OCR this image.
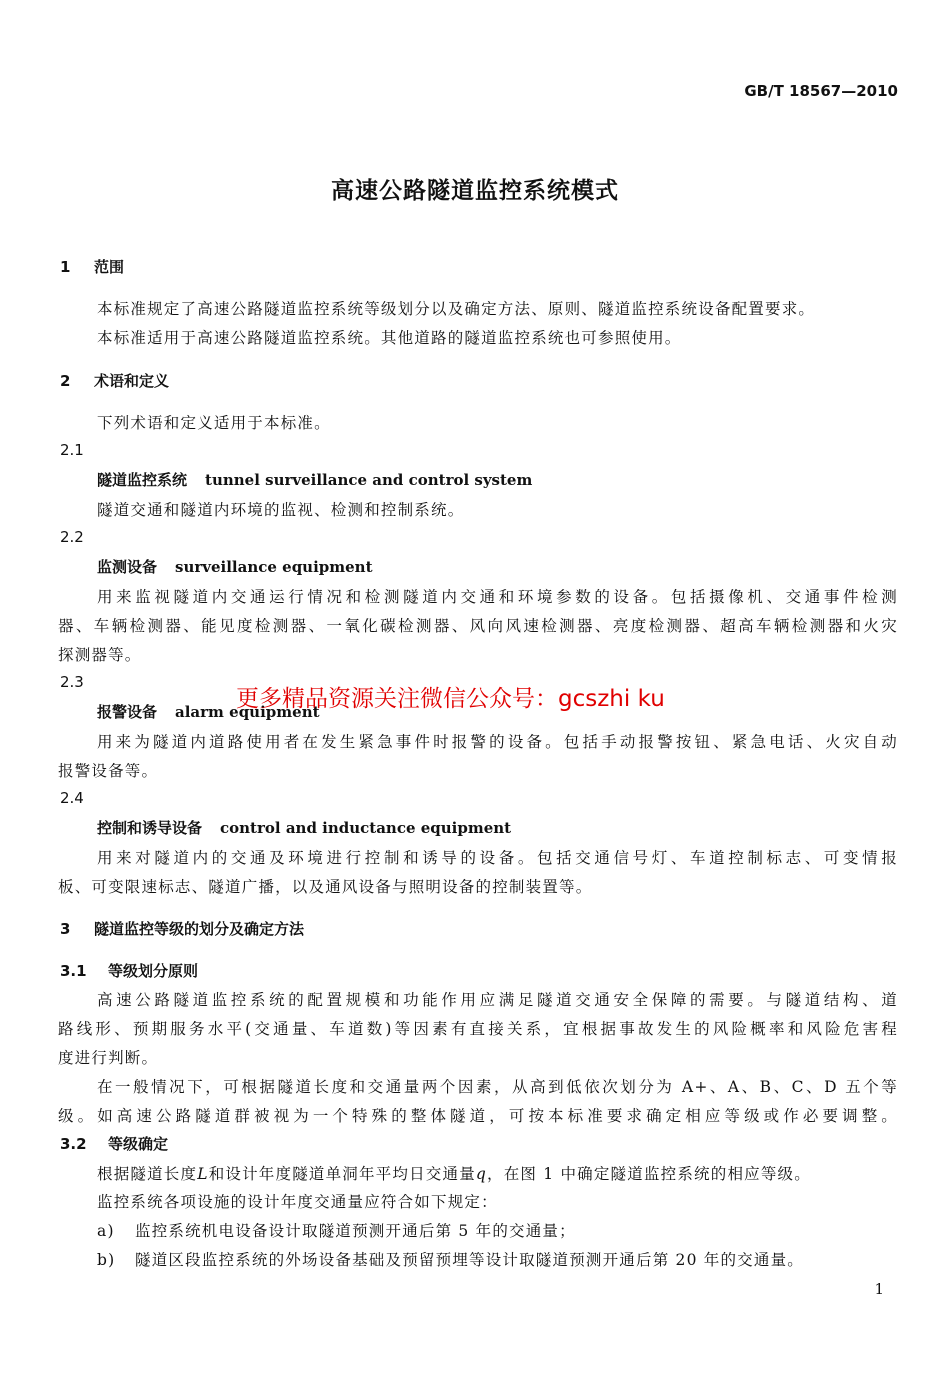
GB/T 18567—2010
高速公路隧道监控系统模式
1 范围
本标准规定了高速公路隧道监控系统等级划分以及确定方法、原则、隧道监控系统设备配置要求。
本标准适用于高速公路隧道监控系统。其他道路的隧道监控系统也可参照使用。
2 术语和定义
下列术语和定义适用于本标准。
2.1
隧道监控系统 tunnel surveillance and control system
隧道交通和隧道内环境的监视、检测和控制系统。
2.2
监测设备 surveillance equipment
用来监视隧道内交通运行情况和检测隧道内交通和环境参数的设备。包括摄像机、交通事件检测
器、车辆检测器、能见度检测器、一氧化碳检测器、风向风速检测器、亮度检测器、超高车辆检测器和火灾
探测器等。
2.3
报警设备 alarm equipment
用来为隧道内道路使用者在发生紧急事件时报警的设备。包括手动报警按钮、紧急电话、火灾自动
报警设备等。
2.4
控制和诱导设备 control and inductance equipment
用来对隧道内的交通及环境进行控制和诱导的设备。包括交通信号灯、车道控制标志、可变情报
板、可变限速标志、隧道广播，以及通风设备与照明设备的控制装置等。
3 隧道监控等级的划分及确定方法
3.1 等级划分原则
高速公路隧道监控系统的配置规模和功能作用应满足隧道交通安全保障的需要。与隧道结构、道
路线形、预期服务水平(交通量、车道数)等因素有直接关系，宜根据事故发生的风险概率和风险危害程
度进行判断。
在一般情况下，可根据隧道长度和交通量两个因素，从高到低依次划分为 A+、A、B、C、D 五个等
级。如高速公路隧道群被视为一个特殊的整体隧道，可按本标准要求确定相应等级或作必要调整。
3.2 等级确定
根据隧道长度L和设计年度隧道单洞年平均日交通量q，在图 1 中确定隧道监控系统的相应等级。
监控系统各项设施的设计年度交通量应符合如下规定：
a) 监控系统机电设备设计取隧道预测开通后第 5 年的交通量；
b) 隧道区段监控系统的外场设备基础及预留预埋等设计取隧道预测开通后第 20 年的交通量。
更多精品资源关注微信公众号：gcszhi ku
1
